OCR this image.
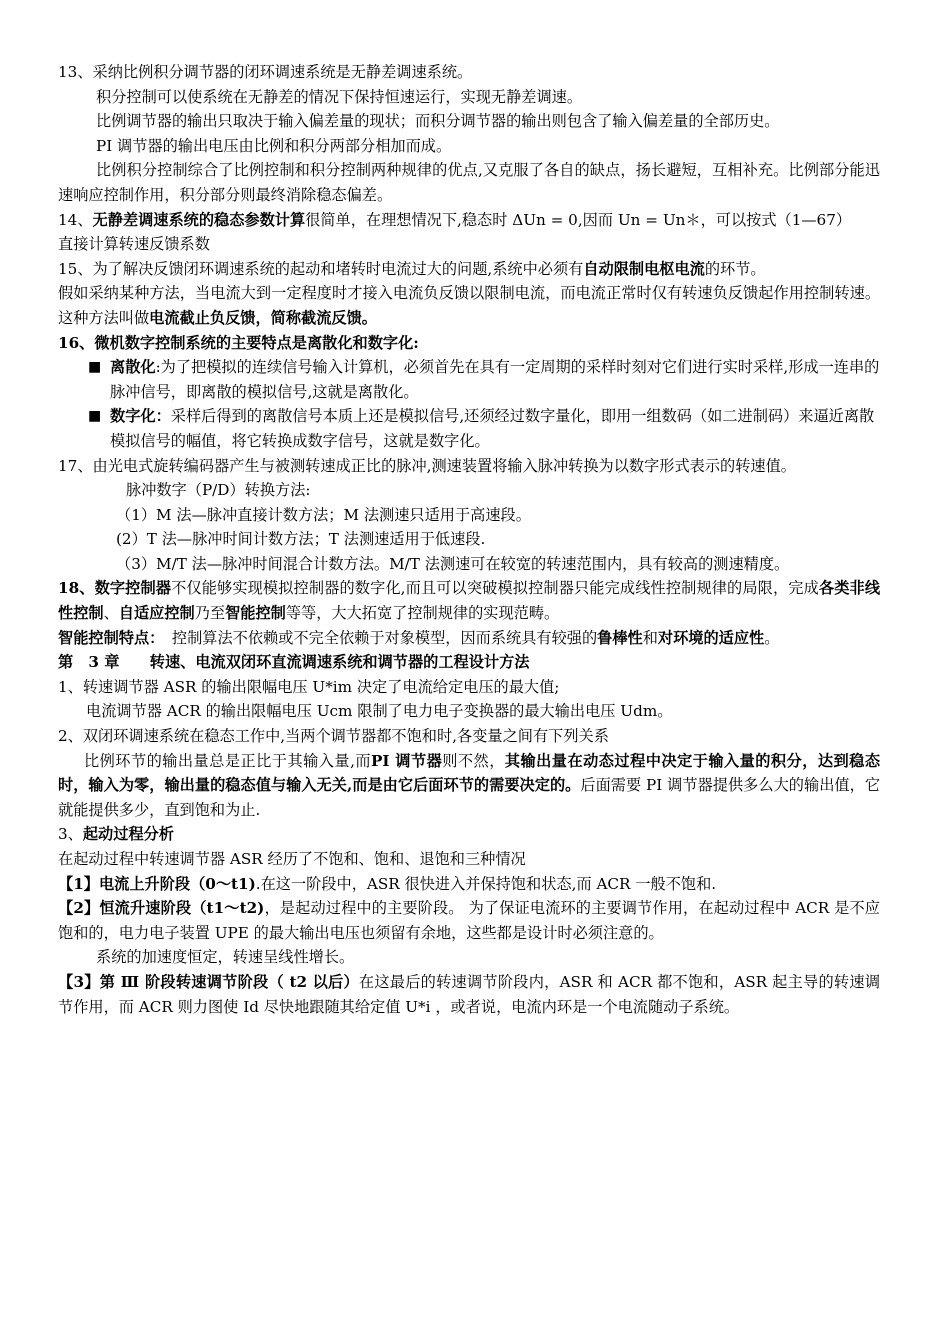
13、采纳比例积分调节器的闭环调速系统是无静差调速系统。

积分控制可以使系统在无静差的情况下保持恒速运行，实现无静差调速。

比例调节器的输出只取决于输入偏差量的现状；而积分调节器的输出则包含了输入偏差量的全部历史。

PI 调节器的输出电压由比例和积分两部分相加而成。

比例积分控制综合了比例控制和积分控制两种规律的优点,又克服了各自的缺点，扬长避短，互相补充。比例部分能迅速响应控制作用，积分部分则最终消除稳态偏差。

14、无静差调速系统的稳态参数计算很简单，在理想情况下,稳态时 ΔUn = 0,因而 Un = Un＊，可以按式（1—67）

直接计算转速反馈系数

15、为了解决反馈闭环调速系统的起动和堵转时电流过大的问题,系统中必须有自动限制电枢电流的环节。

假如采纳某种方法，当电流大到一定程度时才接入电流负反馈以限制电流，而电流正常时仅有转速负反馈起作用控制转速。这种方法叫做电流截止负反馈，简称截流反馈。

16、微机数字控制系统的主要特点是离散化和数字化:

■ 离散化:为了把模拟的连续信号输入计算机，必须首先在具有一定周期的采样时刻对它们进行实时采样,形成一连串的脉冲信号，即离散的模拟信号,这就是离散化。
■ 数字化：采样后得到的离散信号本质上还是模拟信号,还须经过数字量化，即用一组数码（如二进制码）来逼近离散模拟信号的幅值，将它转换成数字信号，这就是数字化。

17、由光电式旋转编码器产生与被测转速成正比的脉冲,测速装置将输入脉冲转换为以数字形式表示的转速值。

脉冲数字（P/D）转换方法:

（1）M 法—脉冲直接计数方法；M 法测速只适用于高速段。

(2）T 法—脉冲时间计数方法；T 法测速适用于低速段.

（3）M/T 法—脉冲时间混合计数方法。M/T 法测速可在较宽的转速范围内，具有较高的测速精度。

18、数字控制器不仅能够实现模拟控制器的数字化,而且可以突破模拟控制器只能完成线性控制规律的局限，完成各类非线性控制、自适应控制乃至智能控制等等，大大拓宽了控制规律的实现范畴。

智能控制特点：　控制算法不依赖或不完全依赖于对象模型，因而系统具有较强的鲁棒性和对环境的适应性。

第　3 章　　转速、电流双闭环直流调速系统和调节器的工程设计方法

1、转速调节器 ASR 的输出限幅电压 U*im 决定了电流给定电压的最大值;

电流调节器 ACR 的输出限幅电压 Ucm 限制了电力电子变换器的最大输出电压 Udm。

2、双闭环调速系统在稳态工作中,当两个调节器都不饱和时,各变量之间有下列关系

比例环节的输出量总是正比于其输入量,而PI 调节器则不然，其输出量在动态过程中决定于输入量的积分，达到稳态时，输入为零，输出量的稳态值与输入无关,而是由它后面环节的需要决定的。后面需要 PI 调节器提供多么大的输出值，它就能提供多少，直到饱和为止.

3、起动过程分析

在起动过程中转速调节器 ASR 经历了不饱和、饱和、退饱和三种情况

【1】电流上升阶段（0～t1).在这一阶段中，ASR 很快进入并保持饱和状态,而 ACR 一般不饱和.

【2】恒流升速阶段（t1～t2)，是起动过程中的主要阶段。 为了保证电流环的主要调节作用，在起动过程中 ACR 是不应饱和的，电力电子装置 UPE 的最大输出电压也须留有余地，这些都是设计时必须注意的。

系统的加速度恒定，转速呈线性增长。

【3】第 Ⅲ 阶段转速调节阶段（ t2 以后）在这最后的转速调节阶段内，ASR 和 ACR 都不饱和，ASR 起主导的转速调节作用，而 ACR 则力图使 Id 尽快地跟随其给定值 U*i ，或者说，电流内环是一个电流随动子系统。
